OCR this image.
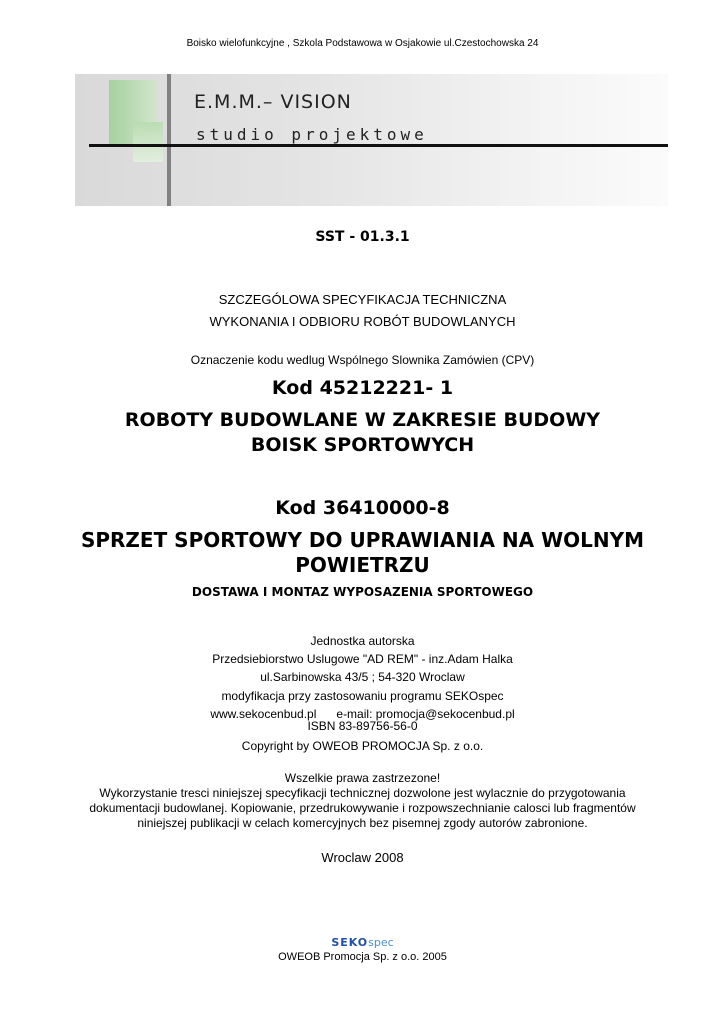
Boisko wielofunkcyjne , Szkola Podstawowa w Osjakowie ul.Czestochowska 24
E.M.M.– VISION
studio projektowe
SST - 01.3.1
SZCZEGÓLOWA SPECYFIKACJA TECHNICZNA
WYKONANIA I ODBIORU ROBÓT BUDOWLANYCH
Oznaczenie kodu wedlug Wspólnego Slownika Zamówien (CPV)
Kod 45212221- 1
ROBOTY BUDOWLANE W ZAKRESIE BUDOWY
BOISK SPORTOWYCH
Kod 36410000-8
SPRZET SPORTOWY DO UPRAWIANIA NA WOLNYM
POWIETRZU
DOSTAWA I MONTAZ WYPOSAZENIA SPORTOWEGO
Jednostka autorska
Przedsiebiorstwo Uslugowe "AD REM" - inz.Adam Halka
ul.Sarbinowska 43/5 ; 54-320 Wroclaw
modyfikacja przy zastosowaniu programu SEKOspec
www.sekocenbud.pl e-mail: promocja@sekocenbud.pl
ISBN 83-89756-56-0
Copyright by OWEOB PROMOCJA Sp. z o.o.
Wszelkie prawa zastrzezone!
Wykorzystanie tresci niniejszej specyfikacji technicznej dozwolone jest wylacznie do przygotowania
dokumentacji budowlanej. Kopiowanie, przedrukowywanie i rozpowszechnianie calosci lub fragmentów
niniejszej publikacji w celach komercyjnych bez pisemnej zgody autorów zabronione.
Wroclaw 2008
SEKOspec
OWEOB Promocja Sp. z o.o. 2005
